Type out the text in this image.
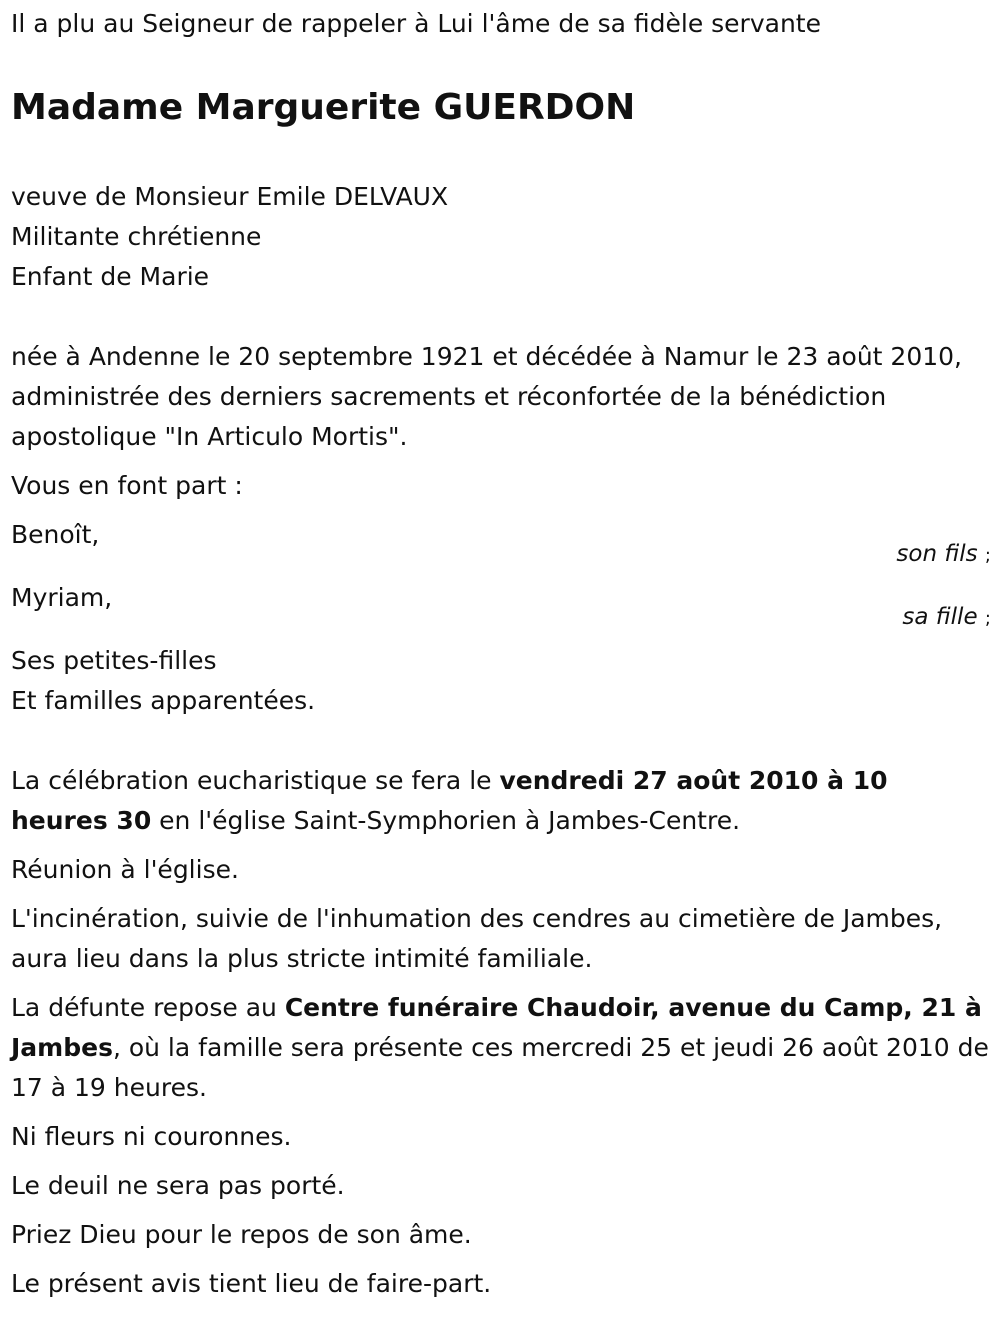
Il a plu au Seigneur de rappeler à Lui l'âme de sa fidèle servante

Madame Marguerite GUERDON

veuve de Monsieur Emile DELVAUX

Militante chrétienne

Enfant de Marie

née à Andenne le 20 septembre 1921 et décédée à Namur le 23 août 2010, administrée des derniers sacrements et réconfortée de la bénédiction apostolique "In Articulo Mortis".

Vous en font part :

Benoît,
son fils ;
Myriam,
sa fille ;

Ses petites-filles

Et familles apparentées.

La célébration eucharistique se fera le vendredi 27 août 2010 à 10 heures 30 en l'église Saint-Symphorien à Jambes-Centre.

Réunion à l'église.

L'incinération, suivie de l'inhumation des cendres au cimetière de Jambes, aura lieu dans la plus stricte intimité familiale.

La défunte repose au Centre funéraire Chaudoir, avenue du Camp, 21 à Jambes, où la famille sera présente ces mercredi 25 et jeudi 26 août 2010 de 17 à 19 heures.

Ni fleurs ni couronnes.

Le deuil ne sera pas porté.

Priez Dieu pour le repos de son âme.

Le présent avis tient lieu de faire-part.
